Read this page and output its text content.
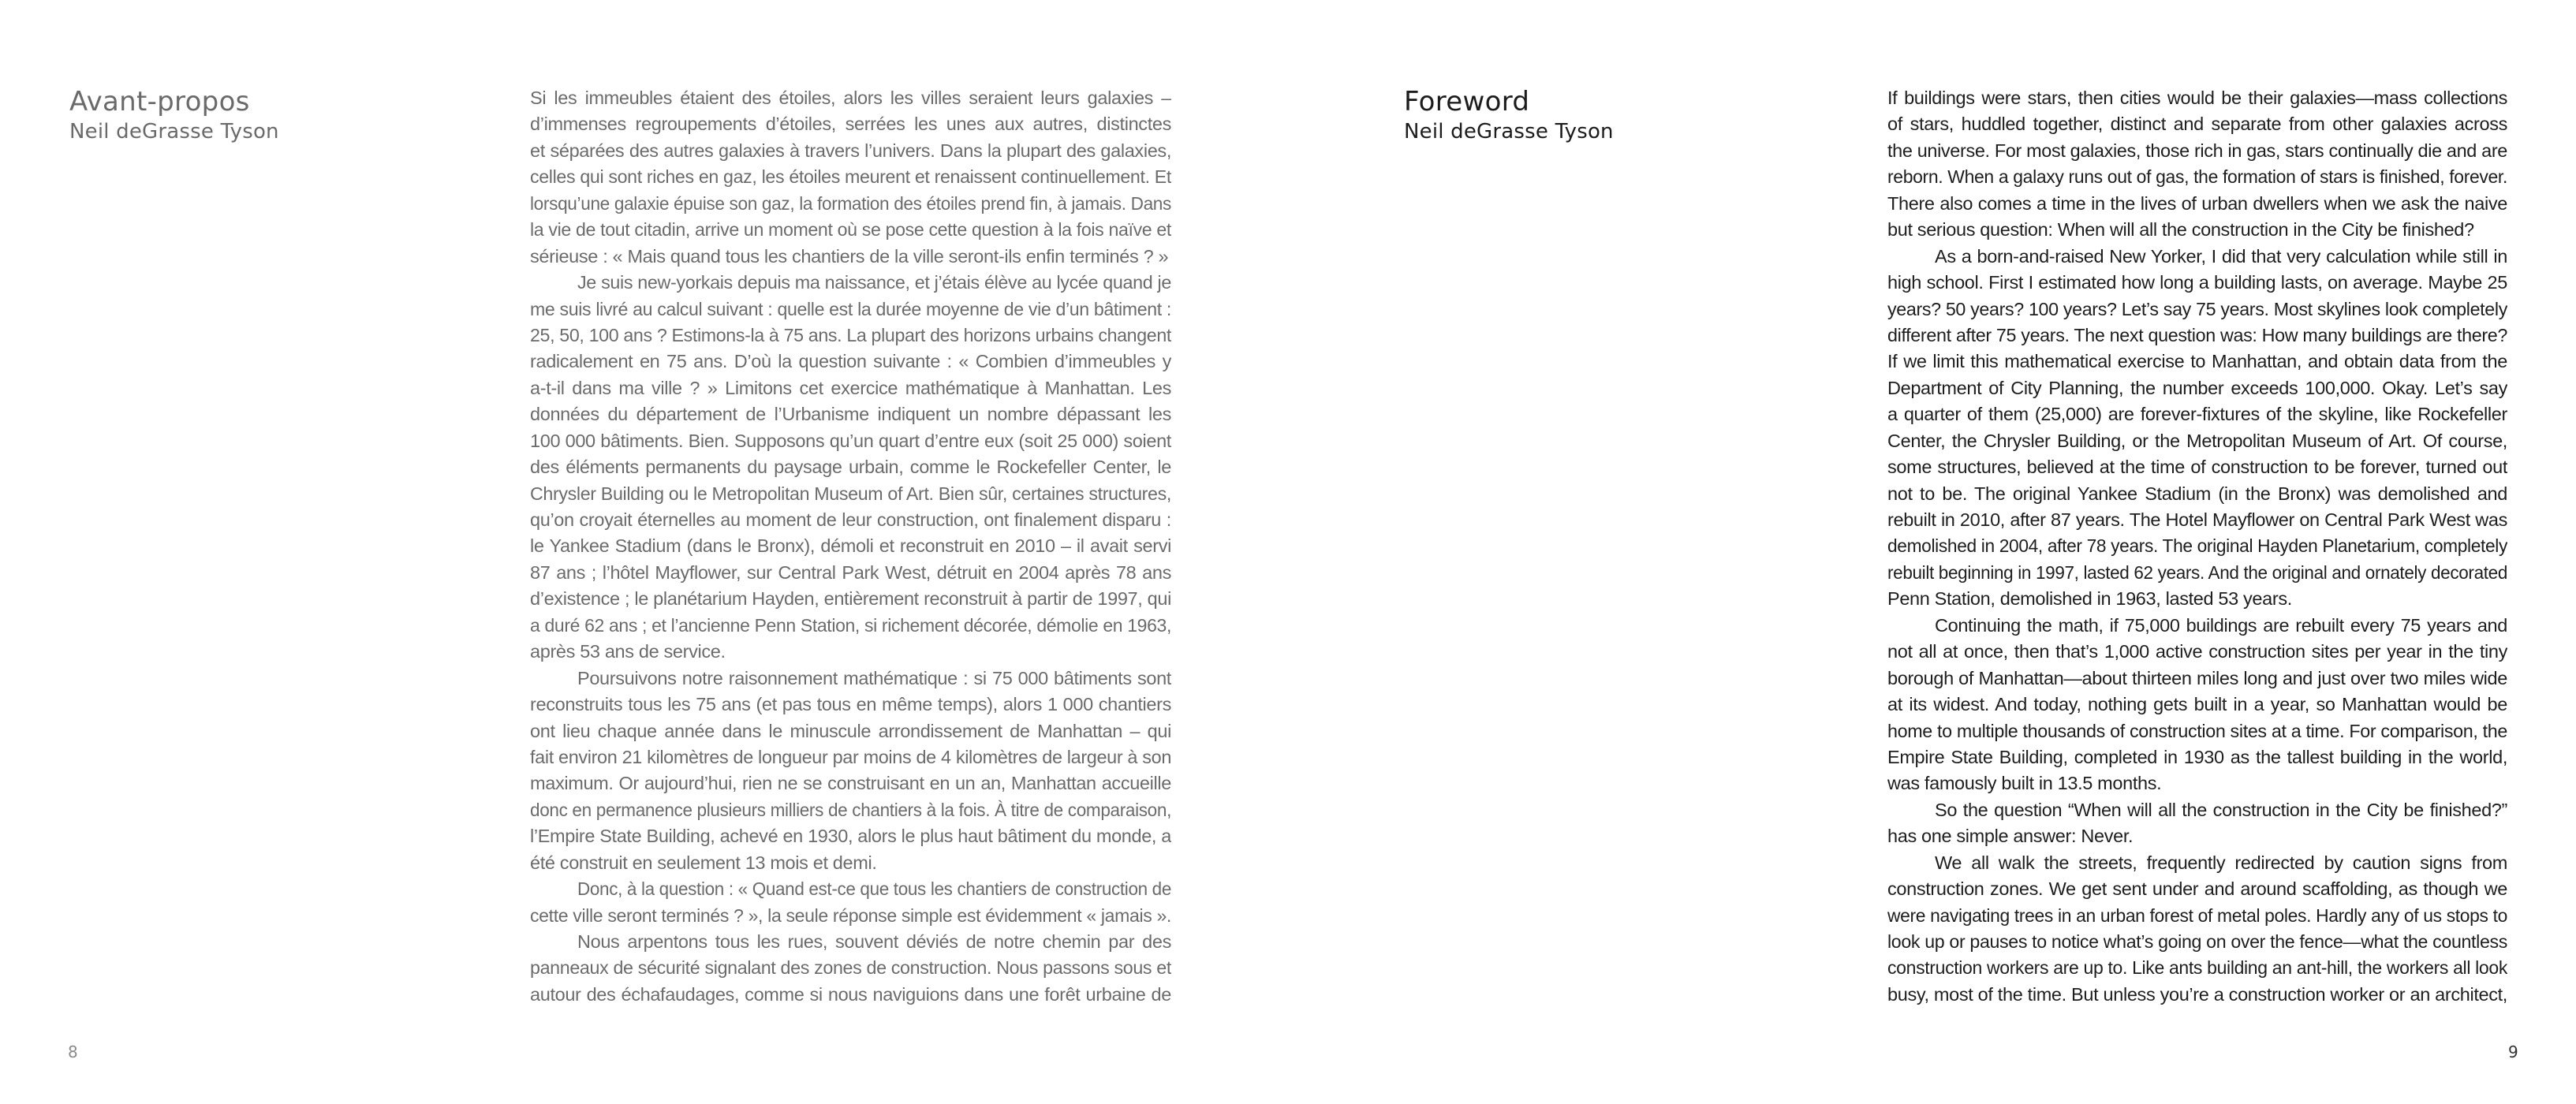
Avant-propos

Neil deGrasse Tyson

Si les immeubles étaient des étoiles, alors les villes seraient leurs galaxies –
d’immenses regroupements d’étoiles, serrées les unes aux autres, distinctes
et séparées des autres galaxies à travers l’univers. Dans la plupart des galaxies,
celles qui sont riches en gaz, les étoiles meurent et renaissent continuellement. Et
lorsqu’une galaxie épuise son gaz, la formation des étoiles prend fin, à jamais. Dans
la vie de tout citadin, arrive un moment où se pose cette question à la fois naïve et
sérieuse : « Mais quand tous les chantiers de la ville seront-ils enfin terminés ? »
Je suis new-yorkais depuis ma naissance, et j’étais élève au lycée quand je
me suis livré au calcul suivant : quelle est la durée moyenne de vie d’un bâtiment :
25, 50, 100 ans ? Estimons-la à 75 ans. La plupart des horizons urbains changent
radicalement en 75 ans. D’où la question suivante : « Combien d’immeubles y
a-t-il dans ma ville ? » Limitons cet exercice mathématique à Manhattan. Les
données du département de l’Urbanisme indiquent un nombre dépassant les
100 000 bâtiments. Bien. Supposons qu’un quart d’entre eux (soit 25 000) soient
des éléments permanents du paysage urbain, comme le Rockefeller Center, le
Chrysler Building ou le Metropolitan Museum of Art. Bien sûr, certaines structures,
qu’on croyait éternelles au moment de leur construction, ont finalement disparu :
le Yankee Stadium (dans le Bronx), démoli et reconstruit en 2010 – il avait servi
87 ans ; l’hôtel Mayflower, sur Central Park West, détruit en 2004 après 78 ans
d’existence ; le planétarium Hayden, entièrement reconstruit à partir de 1997, qui
a duré 62 ans ; et l’ancienne Penn Station, si richement décorée, démolie en 1963,
après 53 ans de service.
Poursuivons notre raisonnement mathématique : si 75 000 bâtiments sont
reconstruits tous les 75 ans (et pas tous en même temps), alors 1 000 chantiers
ont lieu chaque année dans le minuscule arrondissement de Manhattan – qui
fait environ 21 kilomètres de longueur par moins de 4 kilomètres de largeur à son
maximum. Or aujourd’hui, rien ne se construisant en un an, Manhattan accueille
donc en permanence plusieurs milliers de chantiers à la fois. À titre de comparaison,
l’Empire State Building, achevé en 1930, alors le plus haut bâtiment du monde, a
été construit en seulement 13 mois et demi.
Donc, à la question : « Quand est-ce que tous les chantiers de construction de
cette ville seront terminés ? », la seule réponse simple est évidemment « jamais ».
Nous arpentons tous les rues, souvent déviés de notre chemin par des
panneaux de sécurité signalant des zones de construction. Nous passons sous et
autour des échafaudages, comme si nous naviguions dans une forêt urbaine de
8
Foreword

Neil deGrasse Tyson

If buildings were stars, then cities would be their galaxies—mass collections
of stars, huddled together, distinct and separate from other galaxies across
the universe. For most galaxies, those rich in gas, stars continually die and are
reborn. When a galaxy runs out of gas, the formation of stars is finished, forever.
There also comes a time in the lives of urban dwellers when we ask the naive
but serious question: When will all the construction in the City be finished?
As a born-and-raised New Yorker, I did that very calculation while still in
high school. First I estimated how long a building lasts, on average. Maybe 25
years? 50 years? 100 years? Let’s say 75 years. Most skylines look completely
different after 75 years. The next question was: How many buildings are there?
If we limit this mathematical exercise to Manhattan, and obtain data from the
Department of City Planning, the number exceeds 100,000. Okay. Let’s say
a quarter of them (25,000) are forever-fixtures of the skyline, like Rockefeller
Center, the Chrysler Building, or the Metropolitan Museum of Art. Of course,
some structures, believed at the time of construction to be forever, turned out
not to be. The original Yankee Stadium (in the Bronx) was demolished and
rebuilt in 2010, after 87 years. The Hotel Mayflower on Central Park West was
demolished in 2004, after 78 years. The original Hayden Planetarium, completely
rebuilt beginning in 1997, lasted 62 years. And the original and ornately decorated
Penn Station, demolished in 1963, lasted 53 years.
Continuing the math, if 75,000 buildings are rebuilt every 75 years and
not all at once, then that’s 1,000 active construction sites per year in the tiny
borough of Manhattan—about thirteen miles long and just over two miles wide
at its widest. And today, nothing gets built in a year, so Manhattan would be
home to multiple thousands of construction sites at a time. For comparison, the
Empire State Building, completed in 1930 as the tallest building in the world,
was famously built in 13.5 months.
So the question “When will all the construction in the City be finished?”
has one simple answer: Never.
We all walk the streets, frequently redirected by caution signs from
construction zones. We get sent under and around scaffolding, as though we
were navigating trees in an urban forest of metal poles. Hardly any of us stops to
look up or pauses to notice what’s going on over the fence—what the countless
construction workers are up to. Like ants building an ant-hill, the workers all look
busy, most of the time. But unless you’re a construction worker or an architect,
9
